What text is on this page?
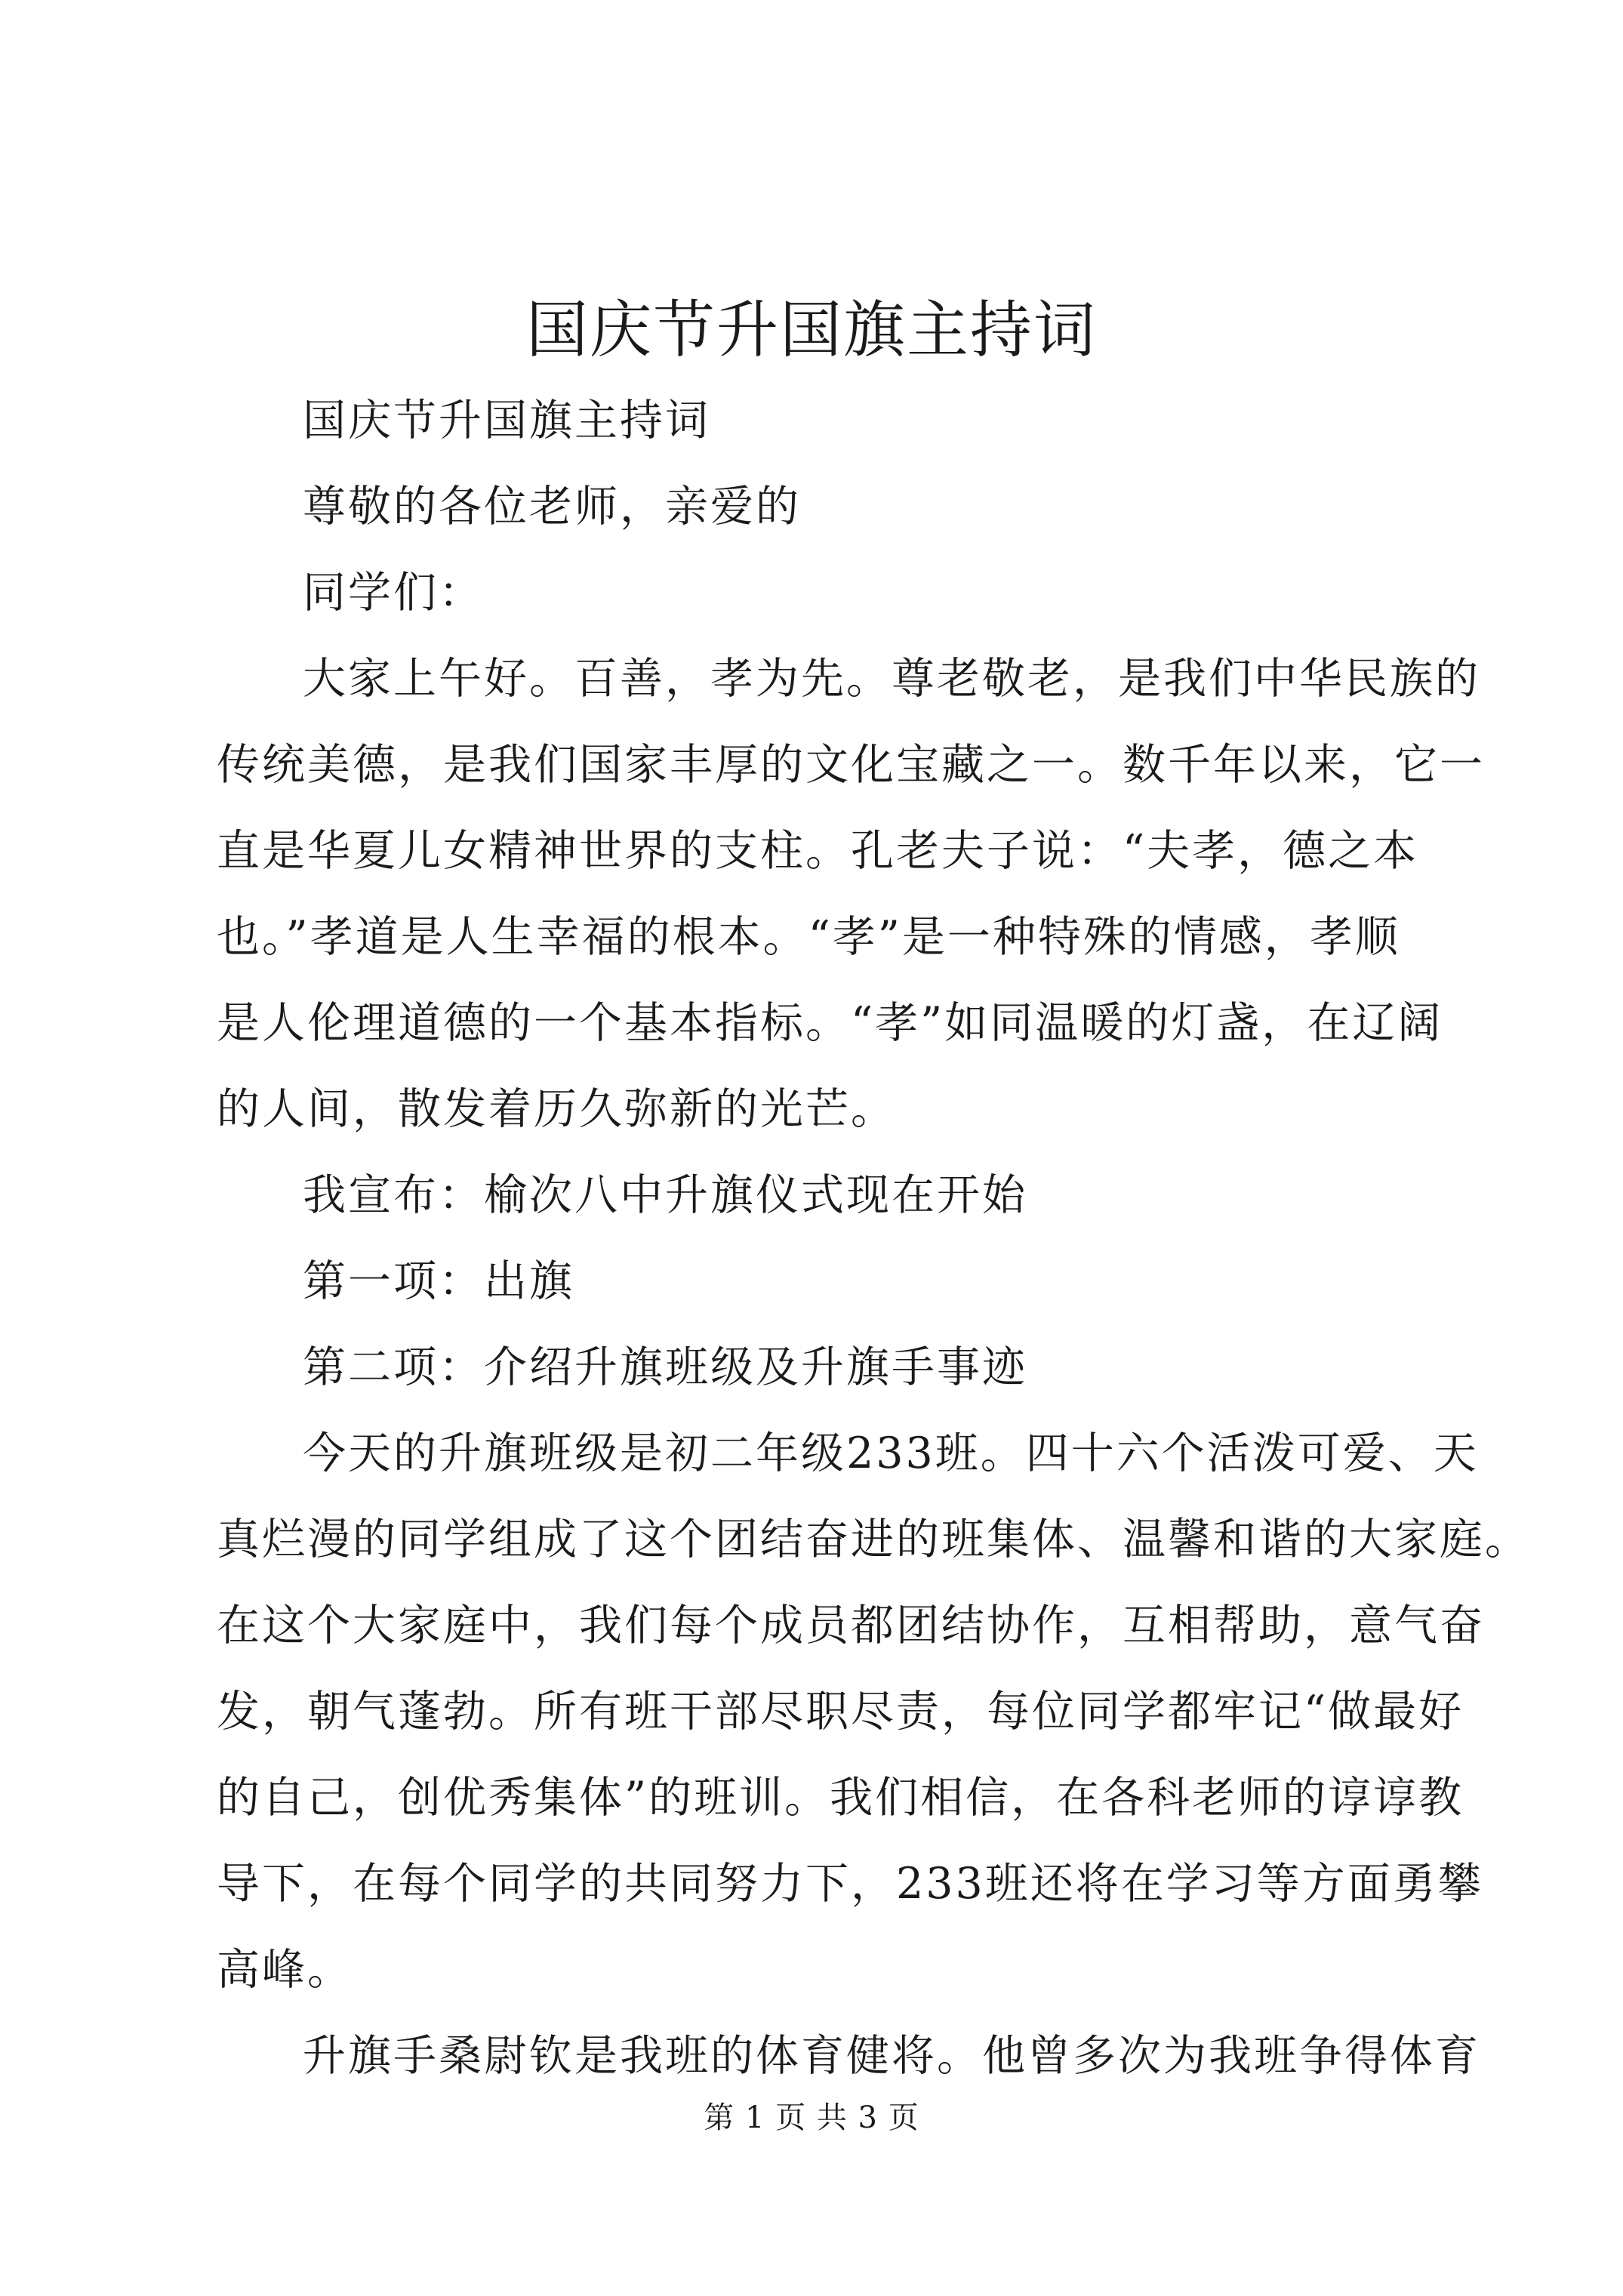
国庆节升国旗主持词
国庆节升国旗主持词
尊敬的各位老师，亲爱的
同学们：
大家上午好。百善，孝为先。尊老敬老，是我们中华民族的
传统美德，是我们国家丰厚的文化宝藏之一。数千年以来，它一
直是华夏儿女精神世界的支柱。孔老夫子说：“夫孝，德之本
也。”孝道是人生幸福的根本。“孝”是一种特殊的情感，孝顺
是人伦理道德的一个基本指标。“孝”如同温暖的灯盏，在辽阔
的人间，散发着历久弥新的光芒。
我宣布：榆次八中升旗仪式现在开始
第一项：出旗
第二项：介绍升旗班级及升旗手事迹
今天的升旗班级是初二年级233班。四十六个活泼可爱、天
真烂漫的同学组成了这个团结奋进的班集体、温馨和谐的大家庭。
在这个大家庭中，我们每个成员都团结协作，互相帮助，意气奋
发，朝气蓬勃。所有班干部尽职尽责，每位同学都牢记“做最好
的自己，创优秀集体”的班训。我们相信，在各科老师的谆谆教
导下，在每个同学的共同努力下，233班还将在学习等方面勇攀
高峰。
升旗手桑尉钦是我班的体育健将。他曾多次为我班争得体育
第 1 页 共 3 页
